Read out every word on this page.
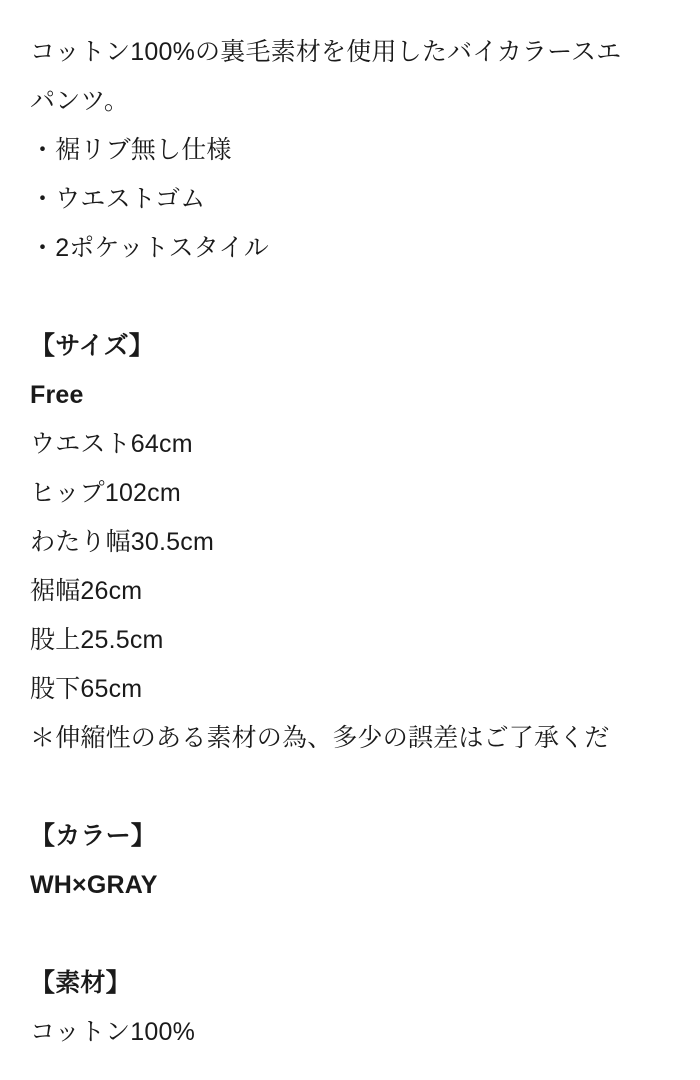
コットン100%の裏毛素材を使用したバイカラースエ
パンツ。
・裾リブ無し仕様
・ウエストゴム
・2ポケットスタイル
【サイズ】
Free
ウエスト64cm
ヒップ102cm
わたり幅30.5cm
裾幅26cm
股上25.5cm
股下65cm
＊伸縮性のある素材の為、多少の誤差はご了承くだ
【カラー】
WH×GRAY
【素材】
コットン100%
